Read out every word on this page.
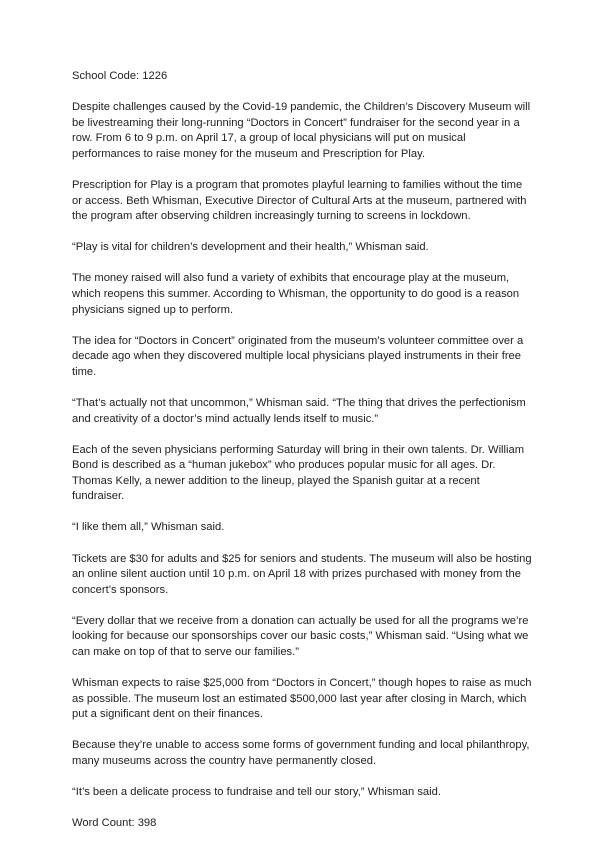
School Code: 1226

Despite challenges caused by the Covid-19 pandemic, the Children’s Discovery Museum will be livestreaming their long-running “Doctors in Concert” fundraiser for the second year in a row. From 6 to 9 p.m. on April 17, a group of local physicians will put on musical performances to raise money for the museum and Prescription for Play.

Prescription for Play is a program that promotes playful learning to families without the time or access. Beth Whisman, Executive Director of Cultural Arts at the museum, partnered with the program after observing children increasingly turning to screens in lockdown.

“Play is vital for children’s development and their health,” Whisman said.

The money raised will also fund a variety of exhibits that encourage play at the museum, which reopens this summer. According to Whisman, the opportunity to do good is a reason physicians signed up to perform.

The idea for “Doctors in Concert” originated from the museum’s volunteer committee over a decade ago when they discovered multiple local physicians played instruments in their free time.

“That’s actually not that uncommon,” Whisman said. “The thing that drives the perfectionism and creativity of a doctor’s mind actually lends itself to music.”

Each of the seven physicians performing Saturday will bring in their own talents. Dr. William Bond is described as a “human jukebox” who produces popular music for all ages. Dr. Thomas Kelly, a newer addition to the lineup, played the Spanish guitar at a recent fundraiser.

“I like them all,” Whisman said.

Tickets are $30 for adults and $25 for seniors and students. The museum will also be hosting an online silent auction until 10 p.m. on April 18 with prizes purchased with money from the concert’s sponsors.

“Every dollar that we receive from a donation can actually be used for all the programs we’re looking for because our sponsorships cover our basic costs,” Whisman said. “Using what we can make on top of that to serve our families.”

Whisman expects to raise $25,000 from “Doctors in Concert,” though hopes to raise as much as possible. The museum lost an estimated $500,000 last year after closing in March, which put a significant dent on their finances.

Because they’re unable to access some forms of government funding and local philanthropy, many museums across the country have permanently closed.

“It’s been a delicate process to fundraise and tell our story,” Whisman said.

Word Count: 398
